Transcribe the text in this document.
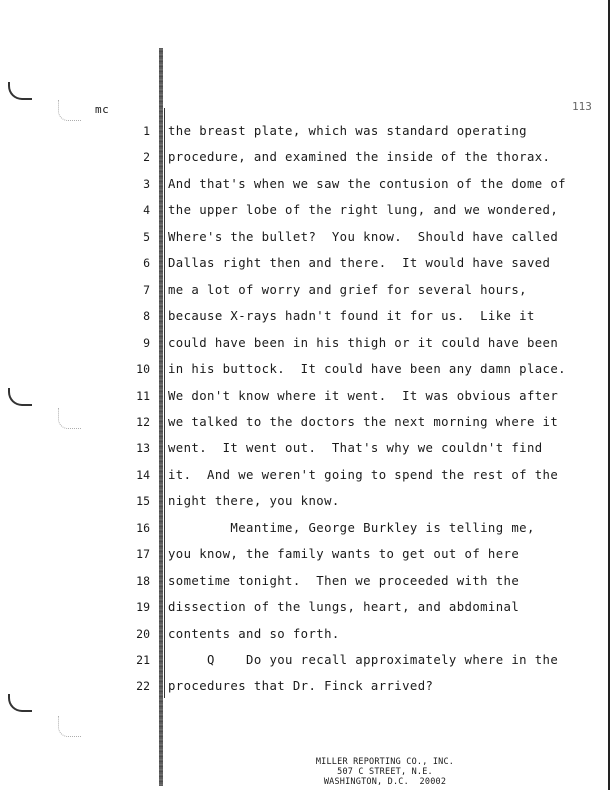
mc	113
1 the breast plate, which was standard operating
2 procedure, and examined the inside of the thorax.
3 And that's when we saw the contusion of the dome of
4 the upper lobe of the right lung, and we wondered,
5 Where's the bullet?  You know.  Should have called
6 Dallas right then and there.  It would have saved
7 me a lot of worry and grief for several hours,
8 because X-rays hadn't found it for us.  Like it
9 could have been in his thigh or it could have been
10 in his buttock.  It could have been any damn place.
11 We don't know where it went.  It was obvious after
12 we talked to the doctors the next morning where it
13 went.  It went out.  That's why we couldn't find
14 it.  And we weren't going to spend the rest of the
15 night there, you know.
16 Meantime, George Burkley is telling me,
17 you know, the family wants to get out of here
18 sometime tonight.  Then we proceeded with the
19 dissection of the lungs, heart, and abdominal
20 contents and so forth.
21 Q    Do you recall approximately where in the
22 procedures that Dr. Finck arrived?
MILLER REPORTING CO., INC.
507 C STREET, N.E.
WASHINGTON, D.C.  20002
